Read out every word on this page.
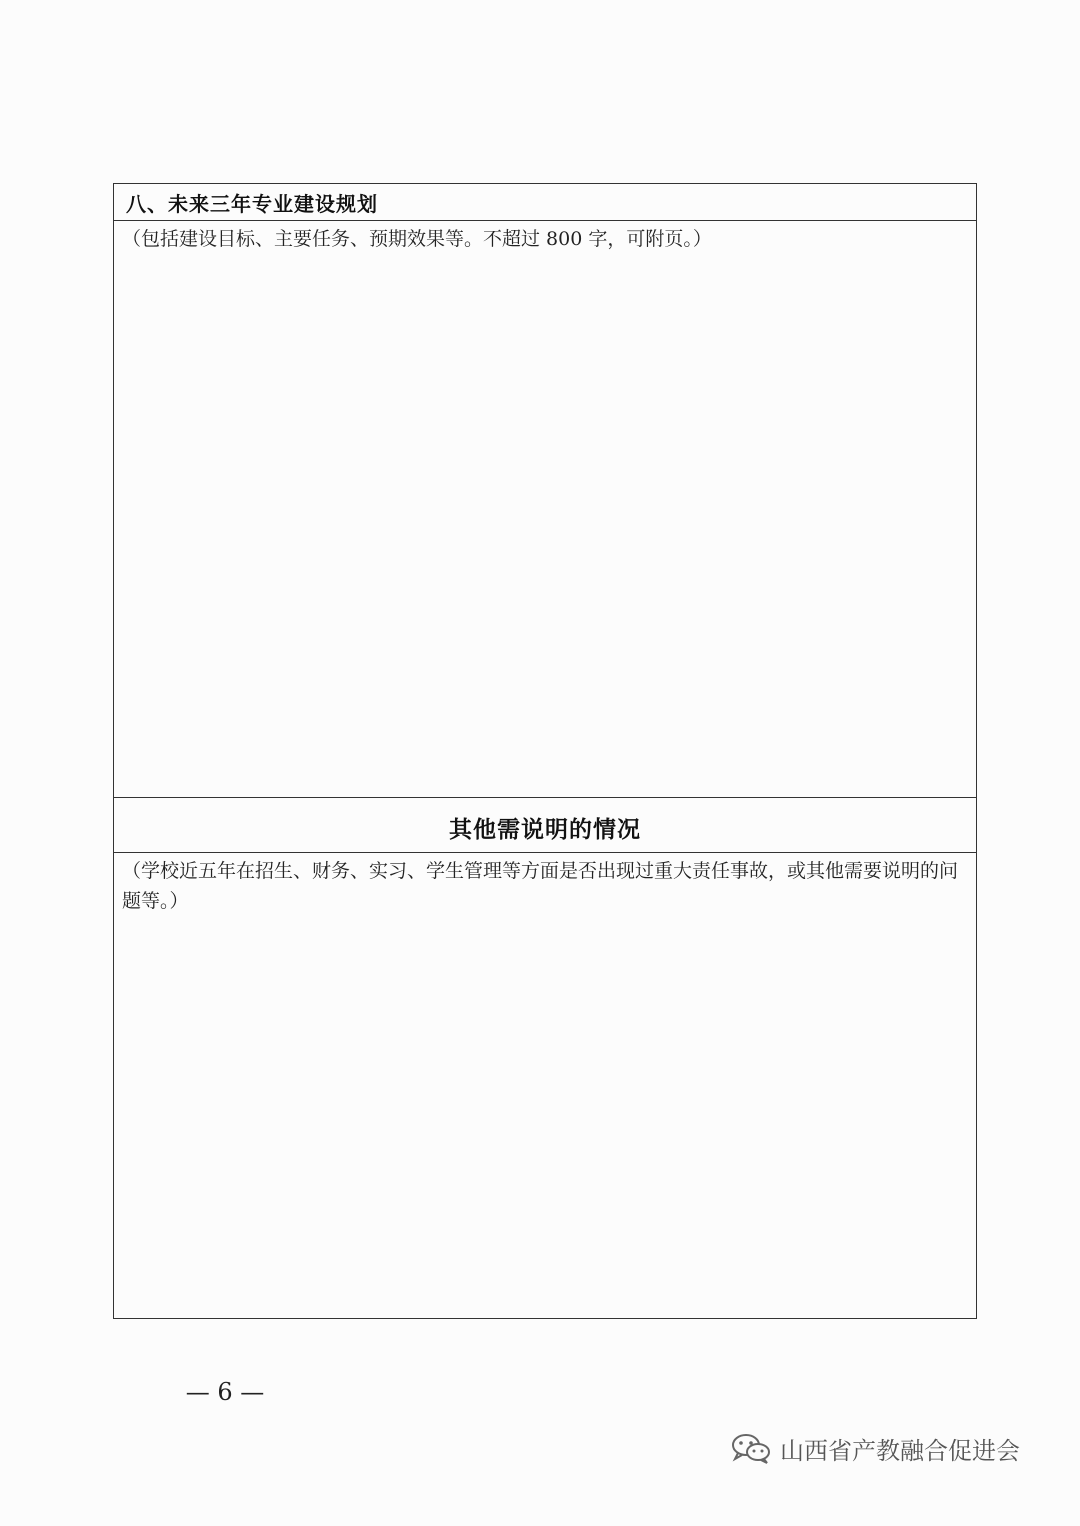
八、未来三年专业建设规划
（包括建设目标、主要任务、预期效果等。不超过 800 字，可附页。）
其他需说明的情况
（学校近五年在招生、财务、实习、学生管理等方面是否出现过重大责任事故，或其他需要说明的问题等。）
— 6 —
山西省产教融合促进会
